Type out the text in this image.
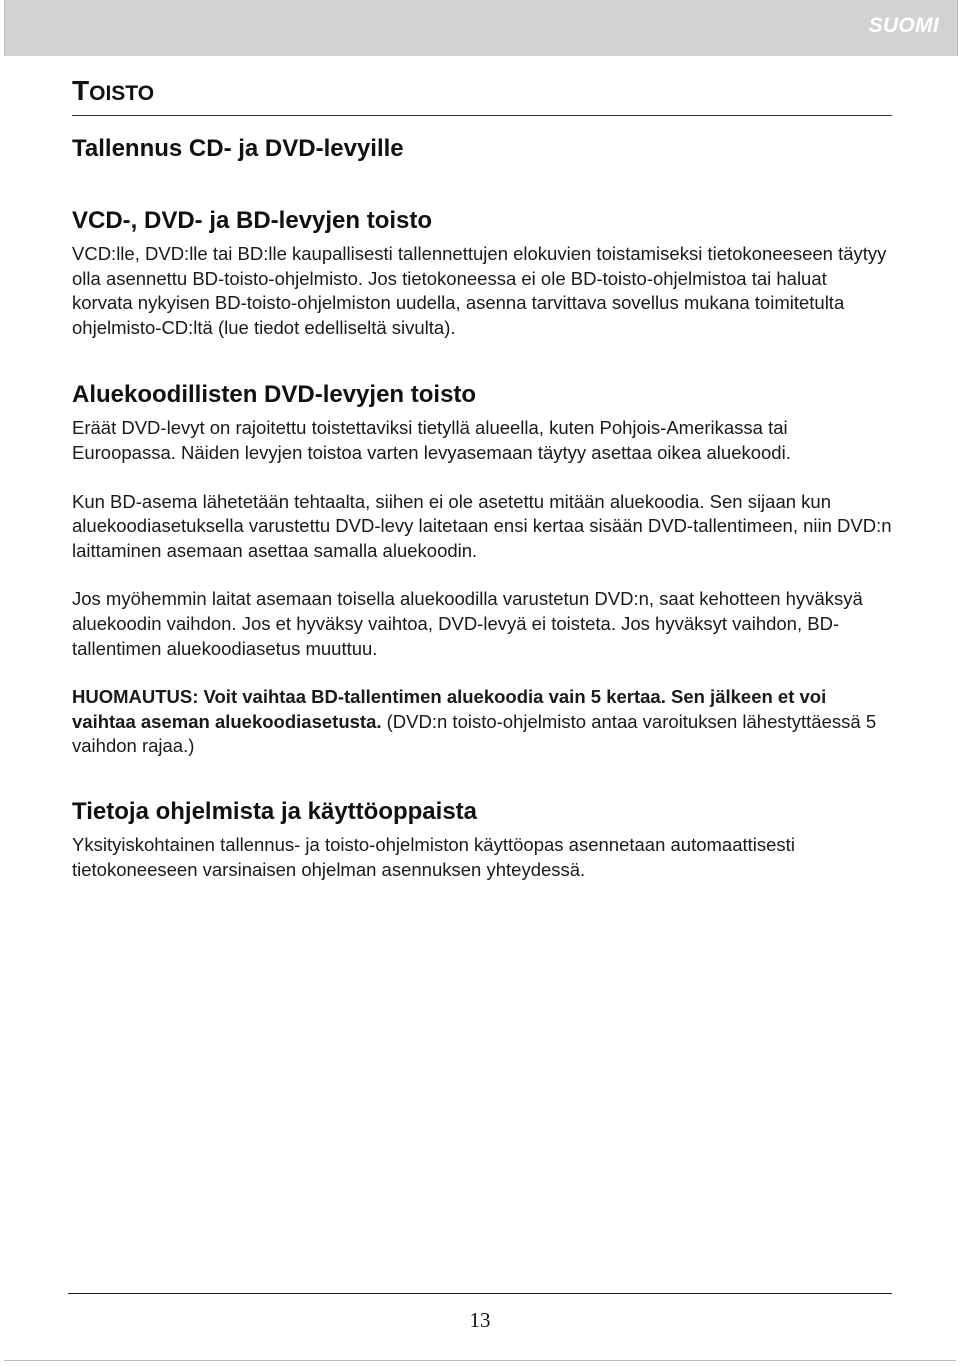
SUOMI
TOISTO
Tallennus CD- ja DVD-levyille
VCD-, DVD- ja BD-levyjen toisto

VCD:lle, DVD:lle tai BD:lle kaupallisesti tallennettujen elokuvien toistamiseksi tietokoneeseen täytyy olla asennettu BD-toisto-ohjelmisto. Jos tietokoneessa ei ole BD-toisto-ohjelmistoa tai haluat korvata nykyisen BD-toisto-ohjelmiston uudella, asenna tarvittava sovellus mukana toimitetulta ohjelmisto-CD:ltä (lue tiedot edelliseltä sivulta).

Aluekoodillisten DVD-levyjen toisto

Eräät DVD-levyt on rajoitettu toistettaviksi tietyllä alueella, kuten Pohjois-Amerikassa tai Euroopassa. Näiden levyjen toistoa varten levyasemaan täytyy asettaa oikea aluekoodi.

Kun BD-asema lähetetään tehtaalta, siihen ei ole asetettu mitään aluekoodia. Sen sijaan kun aluekoodiasetuksella varustettu DVD-levy laitetaan ensi kertaa sisään DVD-tallentimeen, niin DVD:n laittaminen asemaan asettaa samalla aluekoodin.

Jos myöhemmin laitat asemaan toisella aluekoodilla varustetun DVD:n, saat kehotteen hyväksyä aluekoodin vaihdon. Jos et hyväksy vaihtoa, DVD-levyä ei toisteta. Jos hyväksyt vaihdon, BD-tallentimen aluekoodiasetus muuttuu.

HUOMAUTUS: Voit vaihtaa BD-tallentimen aluekoodia vain 5 kertaa. Sen jälkeen et voi vaihtaa aseman aluekoodiasetusta. (DVD:n toisto-ohjelmisto antaa varoituksen lähestyttäessä 5 vaihdon rajaa.)

Tietoja ohjelmista ja käyttöoppaista

Yksityiskohtainen tallennus- ja toisto-ohjelmiston käyttöopas asennetaan automaattisesti tietokoneeseen varsinaisen ohjelman asennuksen yhteydessä.

13
